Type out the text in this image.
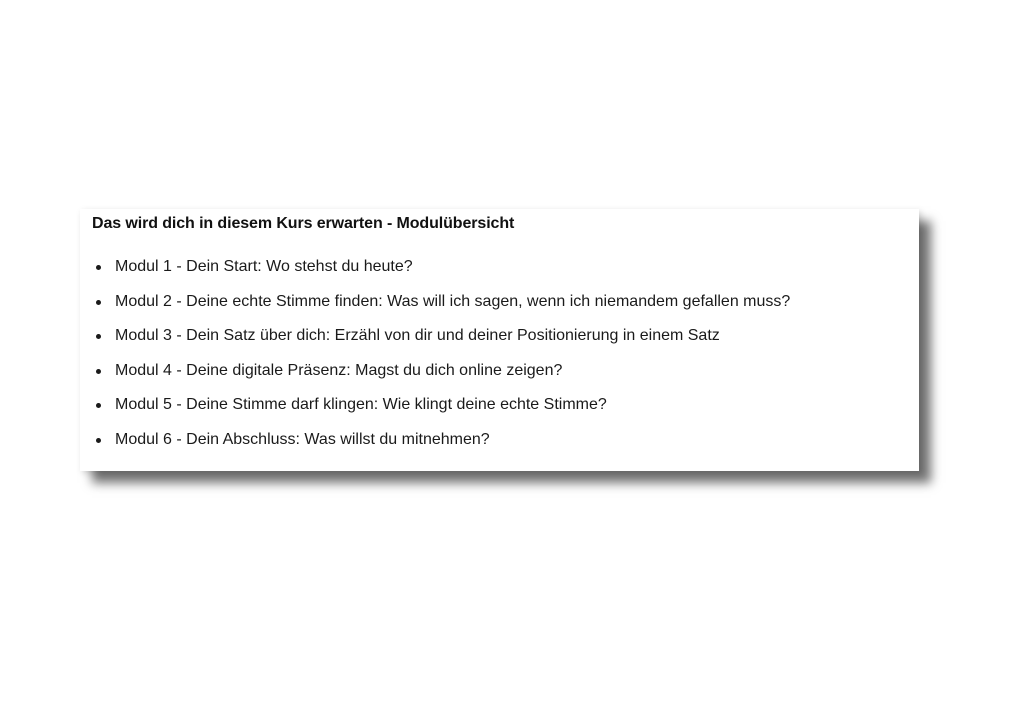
Das wird dich in diesem Kurs erwarten - Modulübersicht
Modul 1 - Dein Start: Wo stehst du heute?
Modul 2 - Deine echte Stimme finden: Was will ich sagen, wenn ich niemandem gefallen muss?
Modul 3 - Dein Satz über dich: Erzähl von dir und deiner Positionierung in einem Satz
Modul 4 - Deine digitale Präsenz: Magst du dich online zeigen?
Modul 5 - Deine Stimme darf klingen: Wie klingt deine echte Stimme?
Modul 6 - Dein Abschluss: Was willst du mitnehmen?
